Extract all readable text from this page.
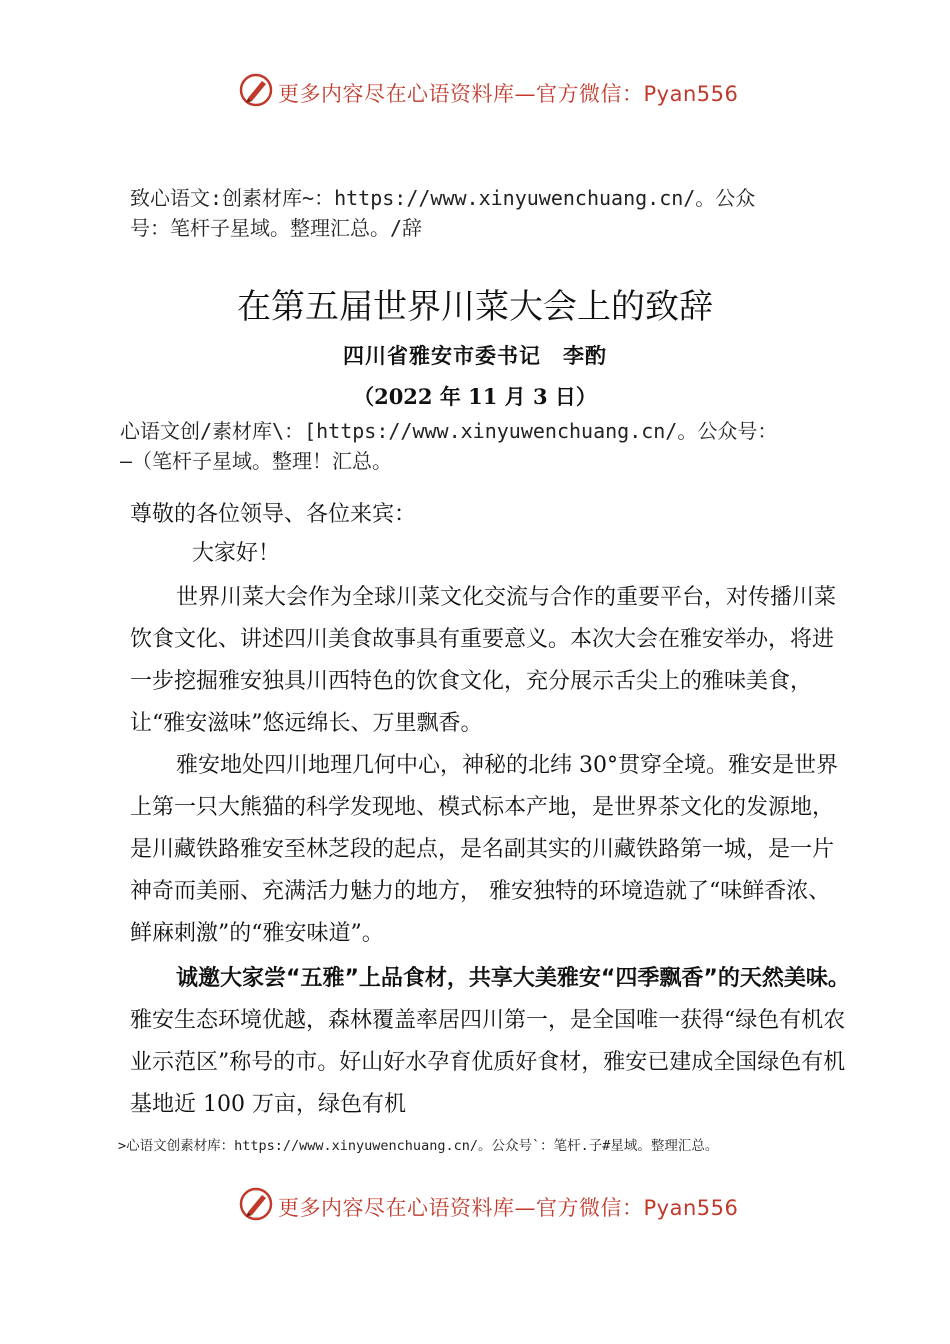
更多内容尽在心语资料库—官方微信：Pyan556
致心语文:创素材库~：https://www.xinyuwenchuang.cn/。公众
号：笔杆子星域。整理汇总。/辞
在第五届世界川菜大会上的致辞
四川省雅安市委书记　李酌
（2022 年 11 月 3 日）
心语文创/素材库\：[https://www.xinyuwenchuang.cn/。公众号：
—（笔杆子星域。整理！汇总。
尊敬的各位领导、各位来宾：
大家好！

世界川菜大会作为全球川菜文化交流与合作的重要平台，对传播川菜饮食文化、讲述四川美食故事具有重要意义。本次大会在雅安举办，将进一步挖掘雅安独具川西特色的饮食文化，充分展示舌尖上的雅味美食，让“雅安滋味”悠远绵长、万里飘香。

雅安地处四川地理几何中心，神秘的北纬 30°贯穿全境。雅安是世界上第一只大熊猫的科学发现地、模式标本产地，是世界茶文化的发源地，是川藏铁路雅安至林芝段的起点，是名副其实的川藏铁路第一城，是一片神奇而美丽、充满活力魅力的地方， 雅安独特的环境造就了“味鲜香浓、鲜麻刺激”的“雅安味道”。

诚邀大家尝“五雅”上品食材，共享大美雅安“四季飘香”的天然美味。雅安生态环境优越，森林覆盖率居四川第一，是全国唯一获得“绿色有机农业示范区”称号的市。好山好水孕育优质好食材，雅安已建成全国绿色有机基地近 100 万亩，绿色有机

>心语文创素材库：https://www.xinyuwenchuang.cn/。公众号`：笔杆.子#星域。整理汇总。
更多内容尽在心语资料库—官方微信：Pyan556
